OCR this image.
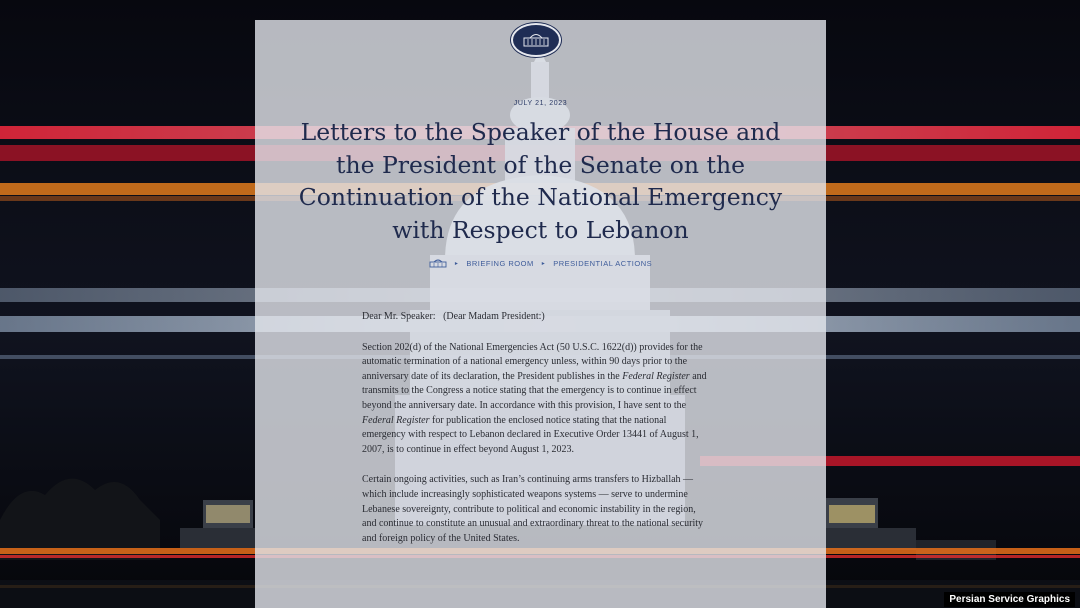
JULY 21, 2023
Letters to the Speaker of the House and the President of the Senate on the Continuation of the National Emergency with Respect to Lebanon
▸ BRIEFING ROOM ▸ PRESIDENTIAL ACTIONS

Dear Mr. Speaker:   (Dear Madam President:)

Section 202(d) of the National Emergencies Act (50 U.S.C. 1622(d)) provides for the automatic termination of a national emergency unless, within 90 days prior to the anniversary date of its declaration, the President publishes in the Federal Register and transmits to the Congress a notice stating that the emergency is to continue in effect beyond the anniversary date. In accordance with this provision, I have sent to the Federal Register for publication the enclosed notice stating that the national emergency with respect to Lebanon declared in Executive Order 13441 of August 1, 2007, is to continue in effect beyond August 1, 2023.

Certain ongoing activities, such as Iran’s continuing arms transfers to Hizballah — which include increasingly sophisticated weapons systems — serve to undermine Lebanese sovereignty, contribute to political and economic instability in the region, and continue to constitute an unusual and extraordinary threat to the national security and foreign policy of the United States.

Persian Service Graphics
